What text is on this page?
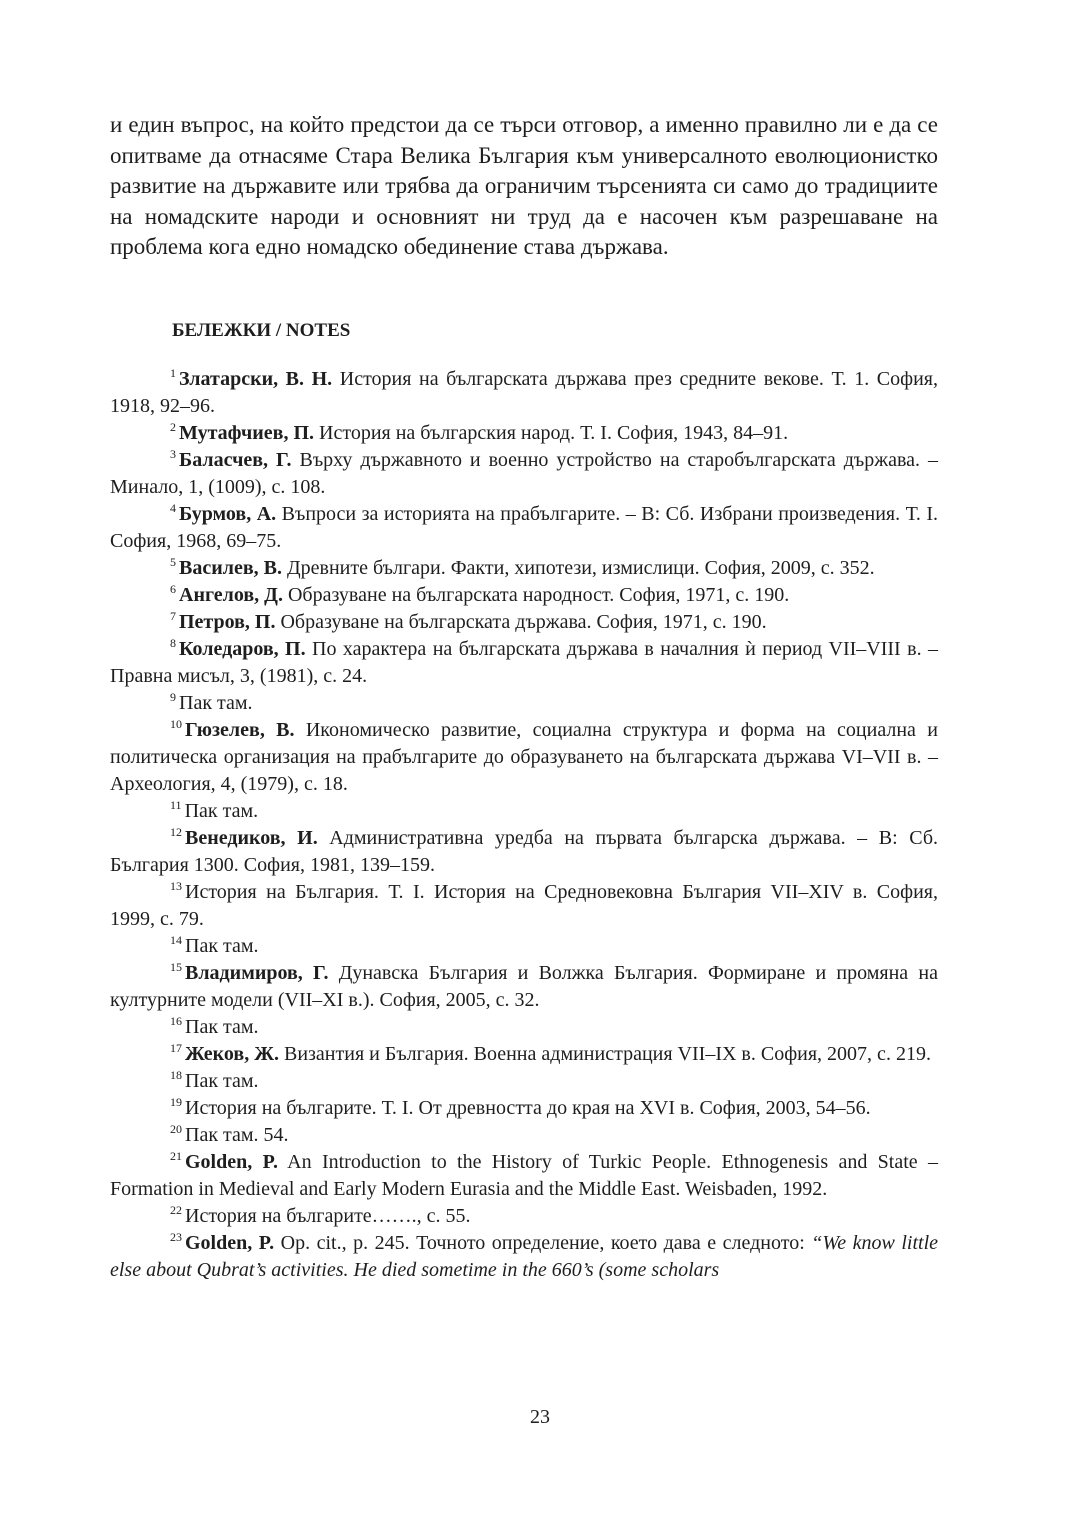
и един въпрос, на който предстои да се търси отговор, а именно правилно ли е да се опитваме да отнасяме Стара Велика България към универсалното еволюционистко развитие на държавите или трябва да ограничим търсенията си само до традициите на номадските народи и основният ни труд да е насочен към разрешаване на проблема кога едно номадско обединение става държава.

БЕЛЕЖКИ / NOTES

$^1$ Златарски, В. Н. История на българската държава през средните векове. Т. 1. София, 1918, 92–96.

$^2$ Мутафчиев, П. История на българския народ. Т. I. София, 1943, 84–91.

$^3$ Баласчев, Г. Върху държавното и военно устройство на старобългарската държава. – Минало, 1, (1009), с. 108.

$^4$ Бурмов, А. Въпроси за историята на прабългарите. – В: Сб. Избрани произведения. Т. I. София, 1968, 69–75.

$^5$ Василев, В. Древните българи. Факти, хипотези, измислици. София, 2009, с. 352.

$^6$ Ангелов, Д. Образуване на българската народност. София, 1971, с. 190.

$^7$ Петров, П. Образуване на българската държава. София, 1971, с. 190.

$^8$ Коледаров, П. По характера на българската държава в началния ѝ период VII–VIII в. – Правна мисъл, 3, (1981), с. 24.

$^9$ Пак там.

$^{10}$ Гюзелев, В. Икономическо развитие, социална структура и форма на социална и политическа организация на прабългарите до образуването на българската държава VI–VII в. – Археология, 4, (1979), с. 18.

$^{11}$ Пак там.

$^{12}$ Венедиков, И. Административна уредба на първата българска държава. – В: Сб. България 1300. София, 1981, 139–159.

$^{13}$ История на България. Т. I. История на Средновековна България VII–XIV в. София, 1999, с. 79.

$^{14}$ Пак там.

$^{15}$ Владимиров, Г. Дунавска България и Волжка България. Формиране и промяна на културните модели (VII–XI в.). София, 2005, с. 32.

$^{16}$ Пак там.

$^{17}$ Жеков, Ж. Византия и България. Военна администрация VII–IX в. София, 2007, с. 219.

$^{18}$ Пак там.

$^{19}$ История на българите. Т. I. От древността до края на XVI в. София, 2003, 54–56.

$^{20}$ Пак там. 54.

$^{21}$ Golden, P. An Introduction to the History of Turkic People. Ethnogenesis and State – Formation in Medieval and Early Modern Eurasia and the Middle East. Weisbaden, 1992.

$^{22}$ История на българите……., с. 55.

$^{23}$ Golden, P. Op. cit., p. 245. Точното определение, което дава е следното: “We know little else about Qubrat’s activities. He died sometime in the 660’s (some scholars

23
